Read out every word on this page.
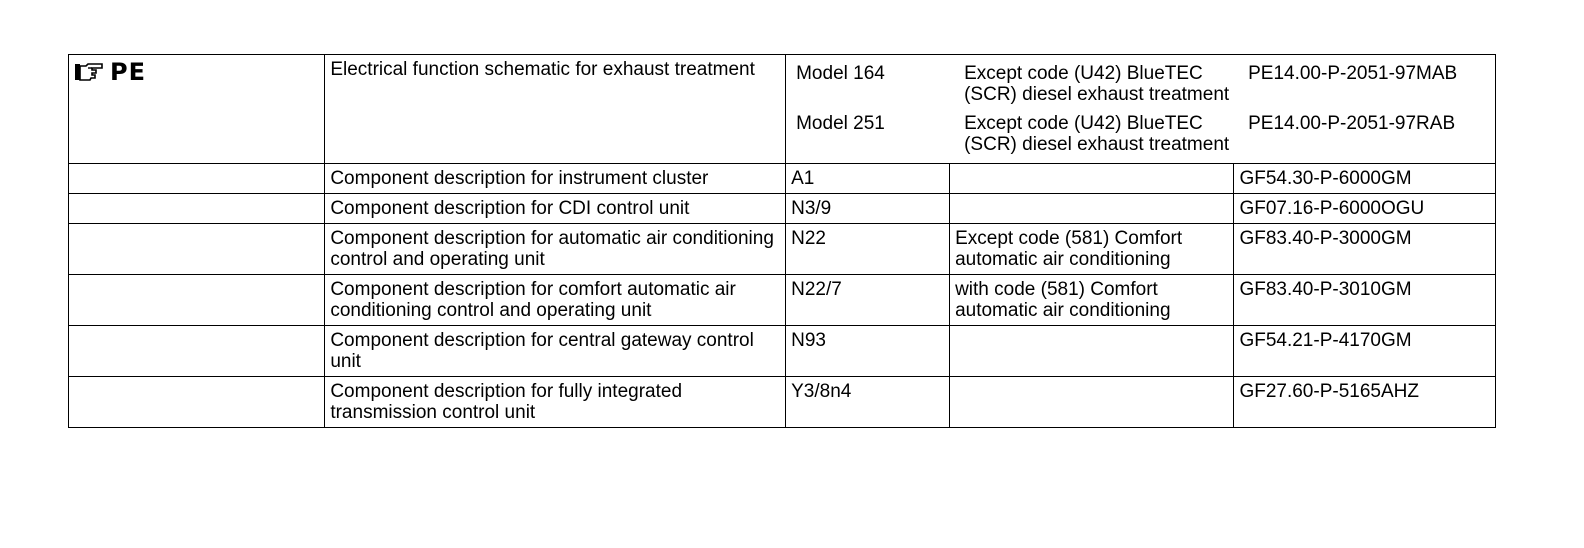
PE	Electrical function schematic for exhaust treatment	Model 164	Except code (U42) BlueTEC (SCR) diesel exhaust treatment	PE14.00-P-2051-97MAB
Model 251	Except code (U42) BlueTEC (SCR) diesel exhaust treatment	PE14.00-P-2051-97RAB

	Component description for instrument cluster	A1		GF54.30-P-6000GM
	Component description for CDI control unit	N3/9		GF07.16-P-6000OGU
	Component description for automatic air conditioning control and operating unit	N22	Except code (581) Comfort automatic air conditioning	GF83.40-P-3000GM
	Component description for comfort automatic air conditioning control and operating unit	N22/7	with code (581) Comfort automatic air conditioning	GF83.40-P-3010GM
	Component description for central gateway control unit	N93		GF54.21-P-4170GM
	Component description for fully integrated transmission control unit	Y3/8n4		GF27.60-P-5165AHZ
